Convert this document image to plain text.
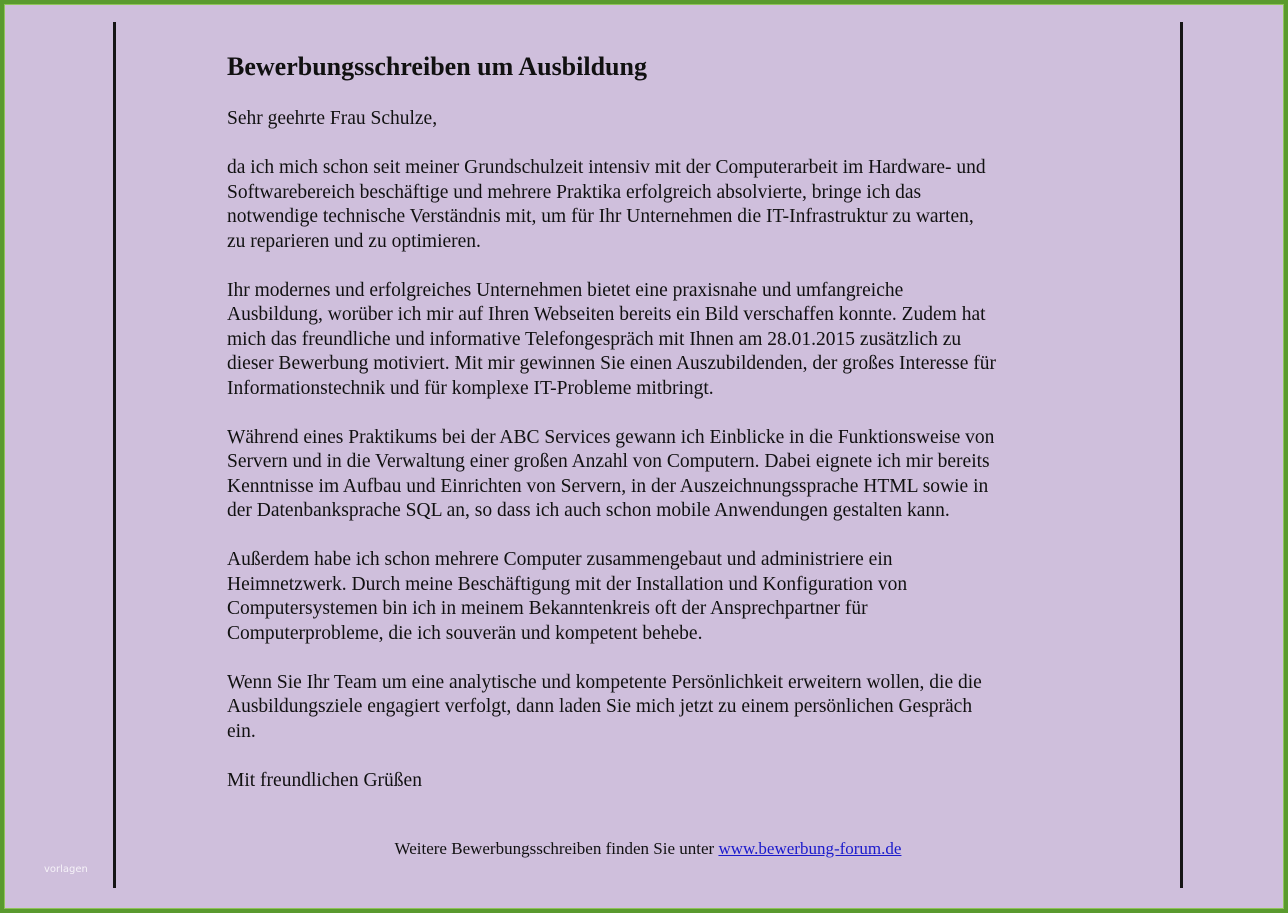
Bewerbungsschreiben um Ausbildung
Sehr geehrte Frau Schulze,
da ich mich schon seit meiner Grundschulzeit intensiv mit der Computerarbeit im Hardware- und
Softwarebereich beschäftige und mehrere Praktika erfolgreich absolvierte, bringe ich das
notwendige technische Verständnis mit, um für Ihr Unternehmen die IT-Infrastruktur zu warten,
zu reparieren und zu optimieren.
Ihr modernes und erfolgreiches Unternehmen bietet eine praxisnahe und umfangreiche
Ausbildung, worüber ich mir auf Ihren Webseiten bereits ein Bild verschaffen konnte. Zudem hat
mich das freundliche und informative Telefongespräch mit Ihnen am 28.01.2015 zusätzlich zu
dieser Bewerbung motiviert. Mit mir gewinnen Sie einen Auszubildenden, der großes Interesse für
Informationstechnik und für komplexe IT-Probleme mitbringt.
Während eines Praktikums bei der ABC Services gewann ich Einblicke in die Funktionsweise von
Servern und in die Verwaltung einer großen Anzahl von Computern. Dabei eignete ich mir bereits
Kenntnisse im Aufbau und Einrichten von Servern, in der Auszeichnungssprache HTML sowie in
der Datenbanksprache SQL an, so dass ich auch schon mobile Anwendungen gestalten kann.
Außerdem habe ich schon mehrere Computer zusammengebaut und administriere ein
Heimnetzwerk. Durch meine Beschäftigung mit der Installation und Konfiguration von
Computersystemen bin ich in meinem Bekanntenkreis oft der Ansprechpartner für
Computerprobleme, die ich souverän und kompetent behebe.
Wenn Sie Ihr Team um eine analytische und kompetente Persönlichkeit erweitern wollen, die die
Ausbildungsziele engagiert verfolgt, dann laden Sie mich jetzt zu einem persönlichen Gespräch
ein.
Mit freundlichen Grüßen
Weitere Bewerbungsschreiben finden Sie unter www.bewerbung-forum.de
vorlagen
